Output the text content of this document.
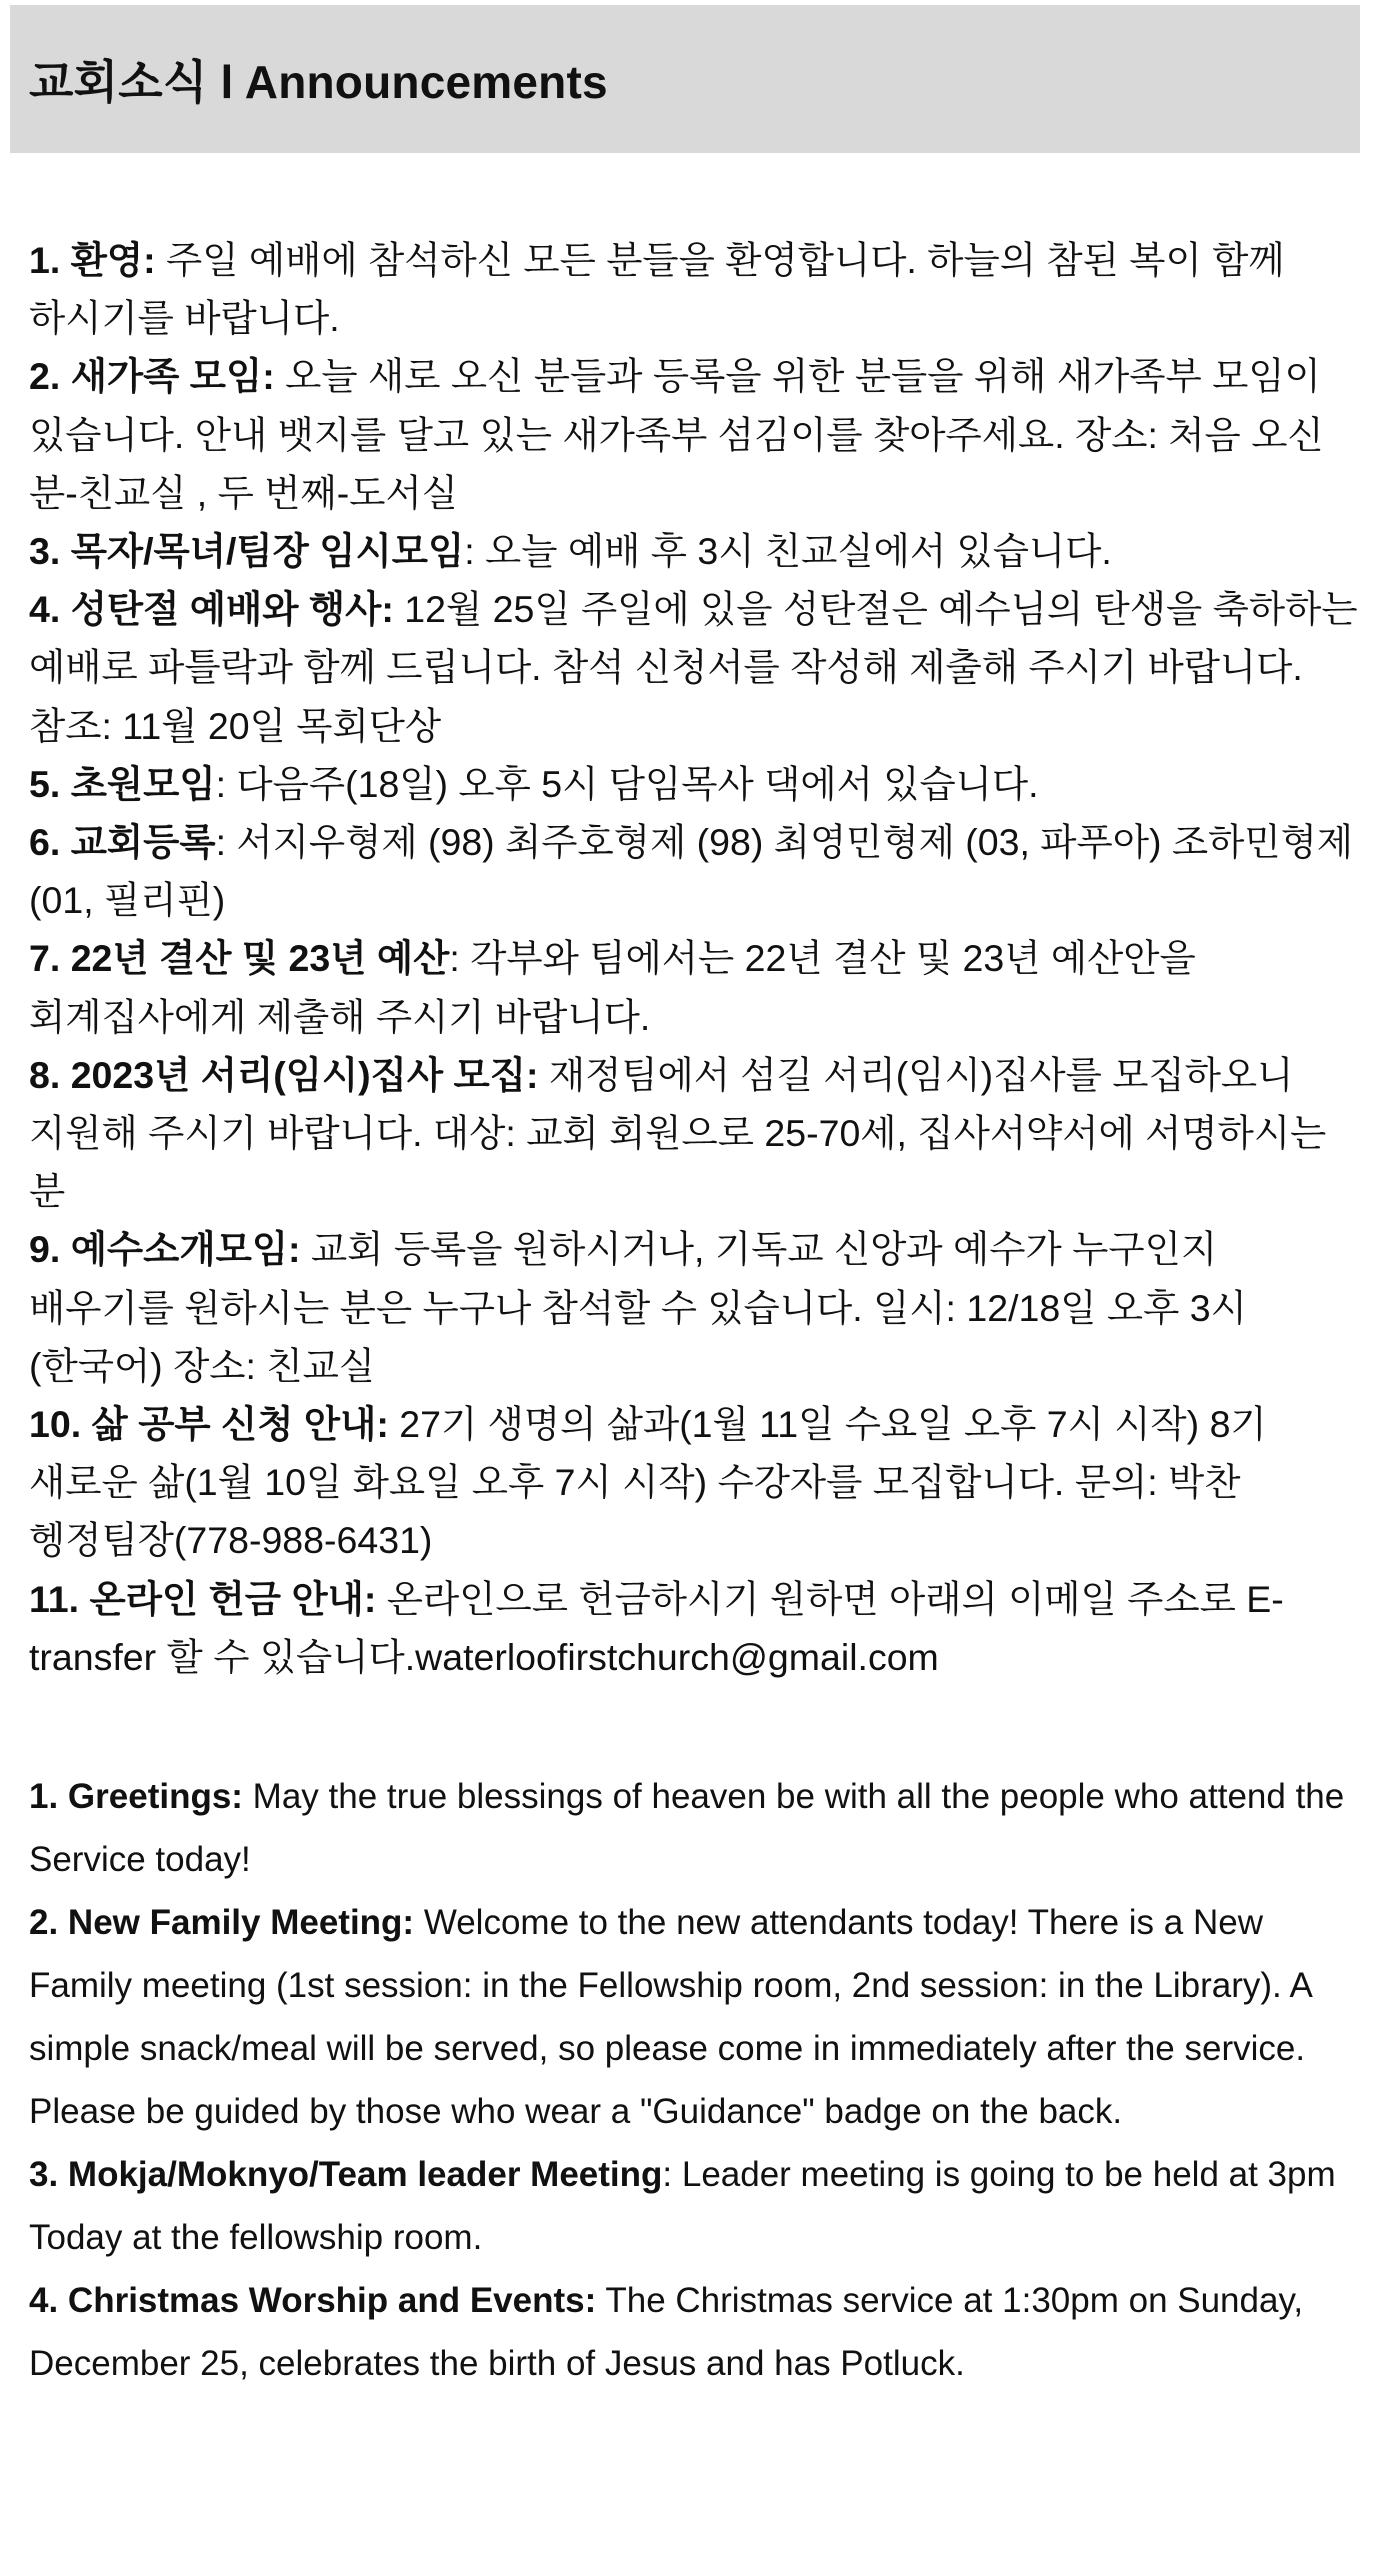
교회소식 l Announcements

1. 환영: 주일 예배에 참석하신 모든 분들을 환영합니다. 하늘의 참된 복이 함께 하시기를 바랍니다.

2. 새가족 모임: 오늘 새로 오신 분들과 등록을 위한 분들을 위해 새가족부 모임이 있습니다. 안내 뱃지를 달고 있는 새가족부 섬김이를 찾아주세요. 장소: 처음 오신 분-친교실 , 두 번째-도서실

3. 목자/목녀/팀장 임시모임: 오늘 예배 후 3시 친교실에서 있습니다.

4. 성탄절 예배와 행사: 12월 25일 주일에 있을 성탄절은 예수님의 탄생을 축하하는 예배로 파틀락과 함께 드립니다. 참석 신청서를 작성해 제출해 주시기 바랍니다. 참조: 11월 20일 목회단상

5. 초원모임: 다음주(18일) 오후 5시 담임목사 댁에서 있습니다.

6. 교회등록: 서지우형제 (98) 최주호형제 (98) 최영민형제 (03, 파푸아) 조하민형제 (01, 필리핀)

7. 22년 결산 및 23년 예산: 각부와 팀에서는 22년 결산 및 23년 예산안을 회계집사에게 제출해 주시기 바랍니다.

8. 2023년 서리(임시)집사 모집: 재정팀에서 섬길 서리(임시)집사를 모집하오니 지원해 주시기 바랍니다. 대상: 교회 회원으로 25-70세, 집사서약서에 서명하시는 분

9. 예수소개모임: 교회 등록을 원하시거나, 기독교 신앙과 예수가 누구인지 배우기를 원하시는 분은 누구나 참석할 수 있습니다. 일시: 12/18일 오후 3시 (한국어) 장소: 친교실

10. 삶 공부 신청 안내: 27기 생명의 삶과(1월 11일 수요일 오후 7시 시작) 8기 새로운 삶(1월 10일 화요일 오후 7시 시작) 수강자를 모집합니다. 문의: 박찬 헹정팀장(778-988-6431)

11. 온라인 헌금 안내: 온라인으로 헌금하시기 원하면 아래의 이메일 주소로 E-transfer 할 수 있습니다.waterloofirstchurch@gmail.com

1. Greetings: May the true blessings of heaven be with all the people who attend the Service today!

2. New Family Meeting: Welcome to the new attendants today! There is a New Family meeting (1st session: in the Fellowship room, 2nd session: in the Library). A simple snack/meal will be served, so please come in immediately after the service. Please be guided by those who wear a "Guidance" badge on the back.

3. Mokja/Moknyo/Team leader Meeting: Leader meeting is going to be held at 3pm Today at the fellowship room.

4. Christmas Worship and Events: The Christmas service at 1:30pm on Sunday, December 25, celebrates the birth of Jesus and has Potluck.
